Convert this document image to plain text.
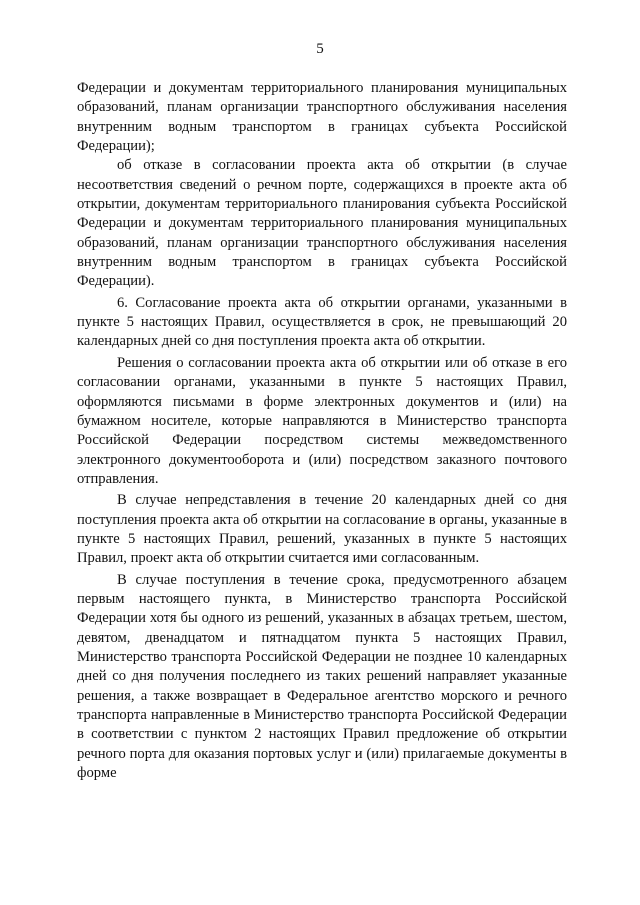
5

Федерации и документам территориального планирования муниципальных образований, планам организации транспортного обслуживания населения внутренним водным транспортом в границах субъекта Российской Федерации);

об отказе в согласовании проекта акта об открытии (в случае несоответствия сведений о речном порте, содержащихся в проекте акта об открытии, документам территориального планирования субъекта Российской Федерации и документам территориального планирования муниципальных образований, планам организации транспортного обслуживания населения внутренним водным транспортом в границах субъекта Российской Федерации).

6. Согласование проекта акта об открытии органами, указанными в пункте 5 настоящих Правил, осуществляется в срок, не превышающий 20 календарных дней со дня поступления проекта акта об открытии.

Решения о согласовании проекта акта об открытии или об отказе в его согласовании органами, указанными в пункте 5 настоящих Правил, оформляются письмами в форме электронных документов и (или) на бумажном носителе, которые направляются в Министерство транспорта Российской Федерации посредством системы межведомственного электронного документооборота и (или) посредством заказного почтового отправления.

В случае непредставления в течение 20 календарных дней со дня поступления проекта акта об открытии на согласование в органы, указанные в пункте 5 настоящих Правил, решений, указанных в пункте 5 настоящих Правил, проект акта об открытии считается ими согласованным.

В случае поступления в течение срока, предусмотренного абзацем первым настоящего пункта, в Министерство транспорта Российской Федерации хотя бы одного из решений, указанных в абзацах третьем, шестом, девятом, двенадцатом и пятнадцатом пункта 5 настоящих Правил, Министерство транспорта Российской Федерации не позднее 10 календарных дней со дня получения последнего из таких решений направляет указанные решения, а также возвращает в Федеральное агентство морского и речного транспорта направленные в Министерство транспорта Российской Федерации в соответствии с пунктом 2 настоящих Правил предложение об открытии речного порта для оказания портовых услуг и (или) прилагаемые документы в форме
